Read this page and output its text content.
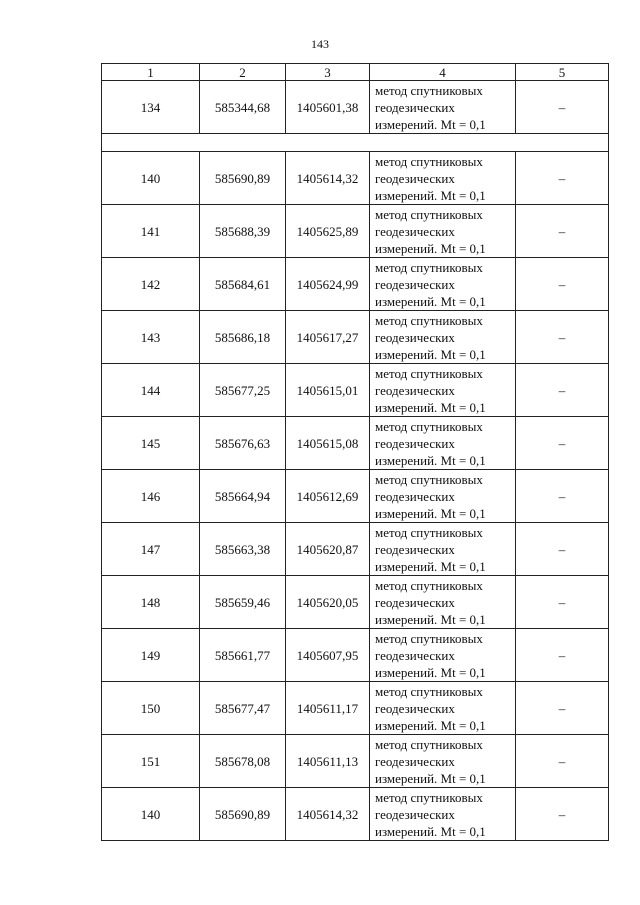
143
1	2	3	4	5
134	585344,68	1405601,38	метод спутниковых
геодезических
измерений. Mt = 0,1	–

140	585690,89	1405614,32	метод спутниковых
геодезических
измерений. Mt = 0,1	–
141	585688,39	1405625,89	метод спутниковых
геодезических
измерений. Mt = 0,1	–
142	585684,61	1405624,99	метод спутниковых
геодезических
измерений. Mt = 0,1	–
143	585686,18	1405617,27	метод спутниковых
геодезических
измерений. Mt = 0,1	–
144	585677,25	1405615,01	метод спутниковых
геодезических
измерений. Mt = 0,1	–
145	585676,63	1405615,08	метод спутниковых
геодезических
измерений. Mt = 0,1	–
146	585664,94	1405612,69	метод спутниковых
геодезических
измерений. Mt = 0,1	–
147	585663,38	1405620,87	метод спутниковых
геодезических
измерений. Mt = 0,1	–
148	585659,46	1405620,05	метод спутниковых
геодезических
измерений. Mt = 0,1	–
149	585661,77	1405607,95	метод спутниковых
геодезических
измерений. Mt = 0,1	–
150	585677,47	1405611,17	метод спутниковых
геодезических
измерений. Mt = 0,1	–
151	585678,08	1405611,13	метод спутниковых
геодезических
измерений. Mt = 0,1	–
140	585690,89	1405614,32	метод спутниковых
геодезических
измерений. Mt = 0,1	–
